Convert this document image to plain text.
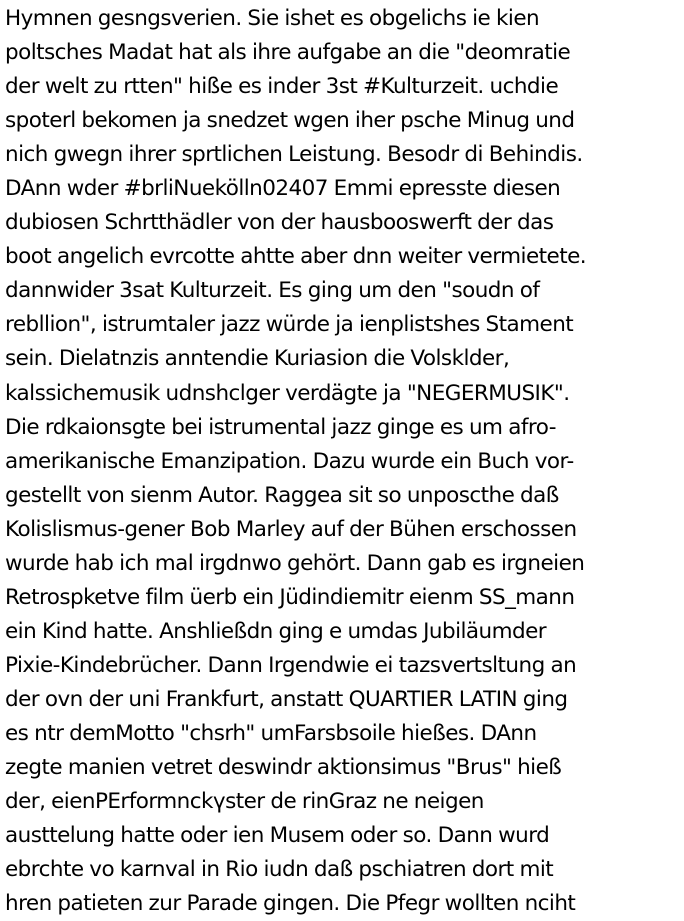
Hymnen gesngsverien. Sie ishet es obgelichs ie kien
poltsches Madat hat als ihre aufgabe an die "deomratie
der welt zu rtten" hiße es inder 3st #Kulturzeit. uchdie
spoterl bekomen ja snedzet wgen iher psche Minug und
nich gwegn ihrer sprtlichen Leistung. Besodr di Behindis.
DAnn wder #brliNuekölln02407 Emmi epresste diesen
dubiosen Schrtthädler von der hausbooswerft der das
boot angelich evrcotte ahtte aber dnn weiter vermietete.
dannwider 3sat Kulturzeit. Es ging um den "soudn of
rebllion", istrumtaler jazz würde ja ienplistshes Stament
sein. Dielatnzis anntendie Kuriasion die Volsklder,
kalssichemusik udnshclger verdägte ja "NEGERMUSIK".
Die rdkaionsgte bei istrumental jazz ginge es um afro-
amerikanische Emanzipation. Dazu wurde ein Buch vor-
gestellt von sienm Autor. Raggea sit so unposcthe daß
Kolislismus-gener Bob Marley auf der Bühen erschossen
wurde hab ich mal irgdnwo gehört. Dann gab es irgneien
Retrospketve film üerb ein Jüdindiemitr eienm SS_mann
ein Kind hatte. Anshließdn ging e umdas Jubiläumder
Pixie-Kindebrücher. Dann Irgendwie ei tazsvertsltung an
der ovn der uni Frankfurt, anstatt QUARTIER LATIN ging
es ntr demMotto "chsrh" umFarsbsoile hießes. DAnn
zegte manien vetret deswindr aktionsimus "Brus" hieß
der, eienPErformnckүster de rinGraz ne neigen
austtelung hatte oder ien Musem oder so. Dann wurd
ebrchte vo karnval in Rio iudn daß pschiatren dort mit
hren patieten zur Parade gingen. Die Pfegr wollten nciht
